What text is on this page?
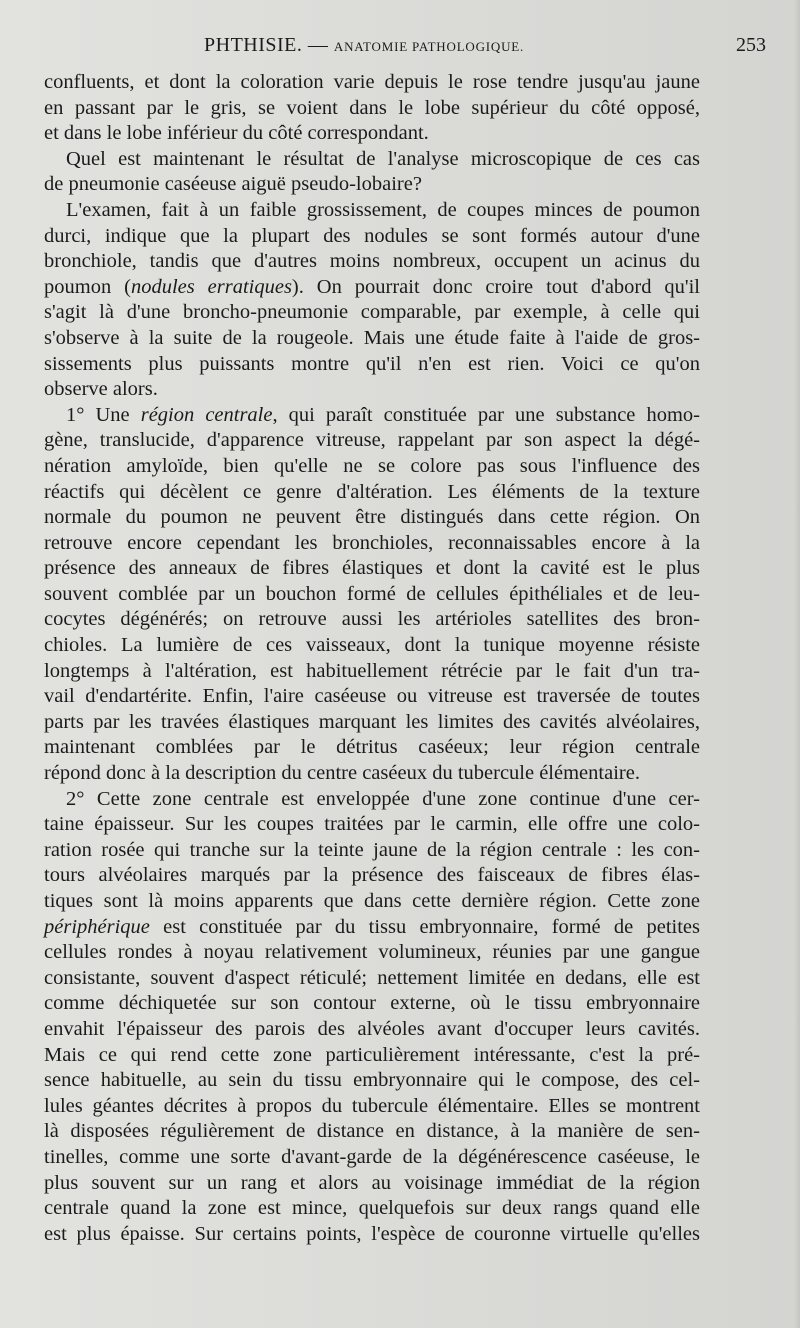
PHTHISIE. — ANATOMIE PATHOLOGIQUE.	253
confluents, et dont la coloration varie depuis le rose tendre jusqu'au jaune
en passant par le gris, se voient dans le lobe supérieur du côté opposé,
et dans le lobe inférieur du côté correspondant.
Quel est maintenant le résultat de l'analyse microscopique de ces cas
de pneumonie caséeuse aiguë pseudo-lobaire?
L'examen, fait à un faible grossissement, de coupes minces de poumon
durci, indique que la plupart des nodules se sont formés autour d'une
bronchiole, tandis que d'autres moins nombreux, occupent un acinus du
poumon (nodules erratiques). On pourrait donc croire tout d'abord qu'il
s'agit là d'une broncho-pneumonie comparable, par exemple, à celle qui
s'observe à la suite de la rougeole. Mais une étude faite à l'aide de gros-
sissements plus puissants montre qu'il n'en est rien. Voici ce qu'on
observe alors.
1° Une région centrale, qui paraît constituée par une substance homo-
gène, translucide, d'apparence vitreuse, rappelant par son aspect la dégé-
nération amyloïde, bien qu'elle ne se colore pas sous l'influence des
réactifs qui décèlent ce genre d'altération. Les éléments de la texture
normale du poumon ne peuvent être distingués dans cette région. On
retrouve encore cependant les bronchioles, reconnaissables encore à la
présence des anneaux de fibres élastiques et dont la cavité est le plus
souvent comblée par un bouchon formé de cellules épithéliales et de leu-
cocytes dégénérés; on retrouve aussi les artérioles satellites des bron-
chioles. La lumière de ces vaisseaux, dont la tunique moyenne résiste
longtemps à l'altération, est habituellement rétrécie par le fait d'un tra-
vail d'endartérite. Enfin, l'aire caséeuse ou vitreuse est traversée de toutes
parts par les travées élastiques marquant les limites des cavités alvéolaires,
maintenant comblées par le détritus caséeux; leur région centrale
répond donc à la description du centre caséeux du tubercule élémentaire.
2° Cette zone centrale est enveloppée d'une zone continue d'une cer-
taine épaisseur. Sur les coupes traitées par le carmin, elle offre une colo-
ration rosée qui tranche sur la teinte jaune de la région centrale : les con-
tours alvéolaires marqués par la présence des faisceaux de fibres élas-
tiques sont là moins apparents que dans cette dernière région. Cette zone
périphérique est constituée par du tissu embryonnaire, formé de petites
cellules rondes à noyau relativement volumineux, réunies par une gangue
consistante, souvent d'aspect réticulé; nettement limitée en dedans, elle est
comme déchiquetée sur son contour externe, où le tissu embryonnaire
envahit l'épaisseur des parois des alvéoles avant d'occuper leurs cavités.
Mais ce qui rend cette zone particulièrement intéressante, c'est la pré-
sence habituelle, au sein du tissu embryonnaire qui le compose, des cel-
lules géantes décrites à propos du tubercule élémentaire. Elles se montrent
là disposées régulièrement de distance en distance, à la manière de sen-
tinelles, comme une sorte d'avant-garde de la dégénérescence caséeuse, le
plus souvent sur un rang et alors au voisinage immédiat de la région
centrale quand la zone est mince, quelquefois sur deux rangs quand elle
est plus épaisse. Sur certains points, l'espèce de couronne virtuelle qu'elles
